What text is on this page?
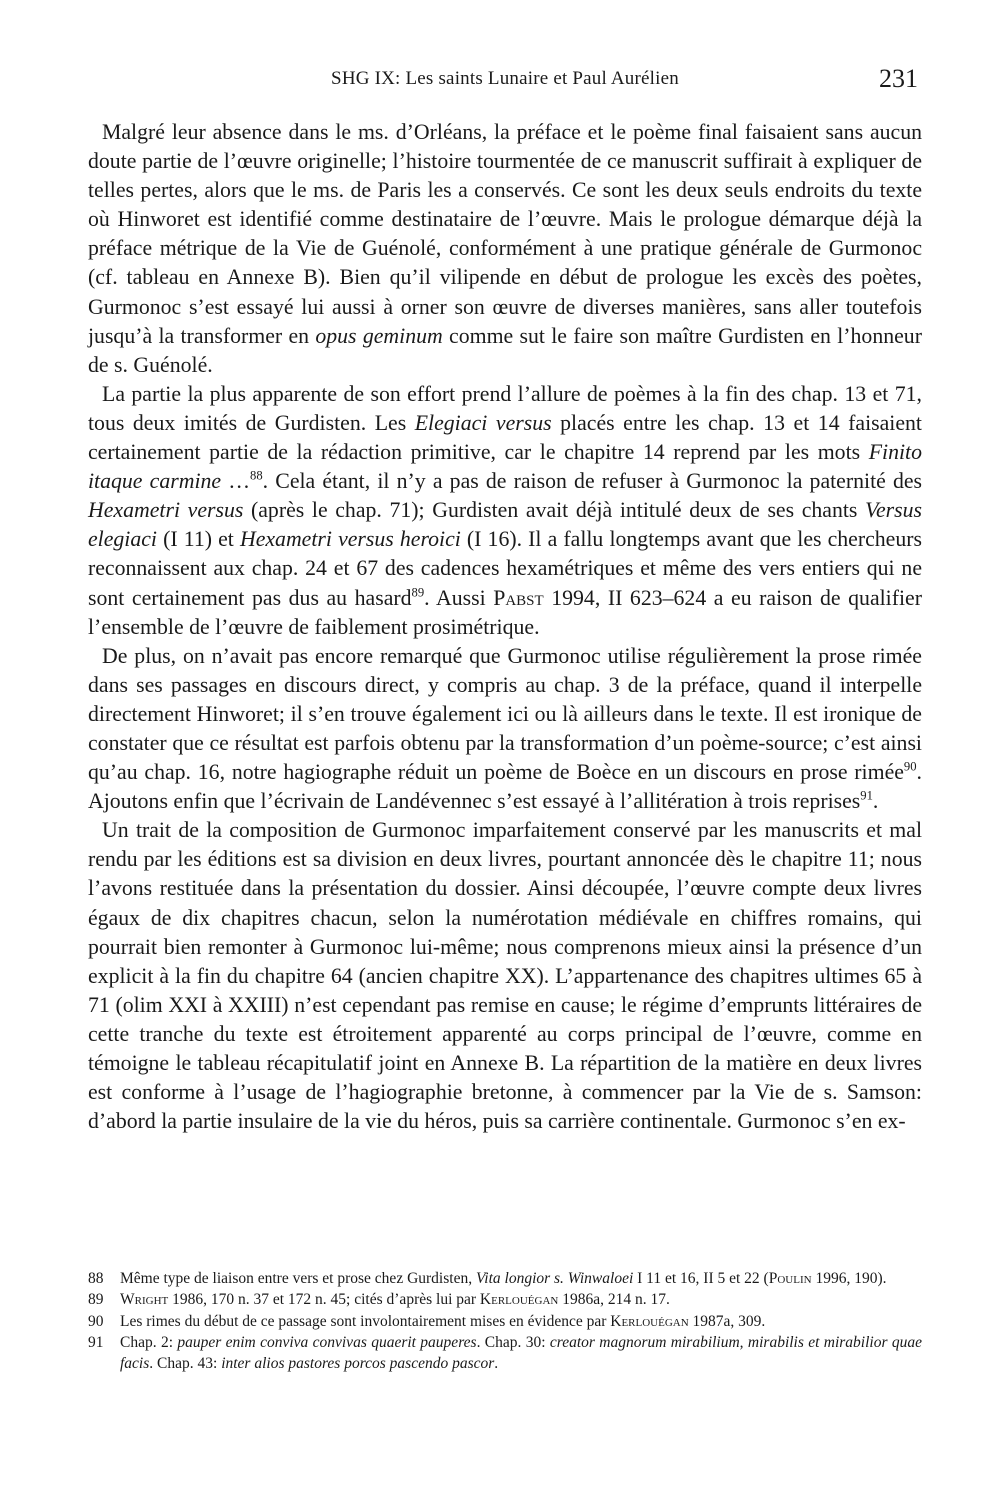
SHG IX: Les saints Lunaire et Paul Aurélien	231

Malgré leur absence dans le ms. d’Orléans, la préface et le poème final faisaient sans aucun doute partie de l’œuvre originelle; l’histoire tourmentée de ce manuscrit suffirait à expliquer de telles pertes, alors que le ms. de Paris les a conservés. Ce sont les deux seuls endroits du texte où Hinworet est identifié comme destinataire de l’œuvre. Mais le prologue démarque déjà la préface métrique de la Vie de Guénolé, conformément à une pratique générale de Gurmonoc (cf. tableau en Annexe B). Bien qu’il vilipende en début de prologue les excès des poètes, Gurmonoc s’est essayé lui aussi à orner son œuvre de diverses manières, sans aller toutefois jusqu’à la transformer en opus geminum comme sut le faire son maître Gurdisten en l’honneur de s. Guénolé.

La partie la plus apparente de son effort prend l’allure de poèmes à la fin des chap. 13 et 71, tous deux imités de Gurdisten. Les Elegiaci versus placés entre les chap. 13 et 14 faisaient certainement partie de la rédaction primitive, car le chapitre 14 reprend par les mots Finito itaque carmine …$^{88}$. Cela étant, il n’y a pas de raison de refuser à Gurmonoc la paternité des Hexametri versus (après le chap. 71); Gurdisten avait déjà intitulé deux de ses chants Versus elegiaci (I 11) et Hexametri versus heroici (I 16). Il a fallu longtemps avant que les chercheurs reconnaissent aux chap. 24 et 67 des cadences hexamétriques et même des vers entiers qui ne sont certainement pas dus au hasard$^{89}$. Aussi Pabst 1994, II 623–624 a eu raison de qualifier l’ensemble de l’œuvre de faiblement prosimétrique.

De plus, on n’avait pas encore remarqué que Gurmonoc utilise régulièrement la prose rimée dans ses passages en discours direct, y compris au chap. 3 de la préface, quand il interpelle directement Hinworet; il s’en trouve également ici ou là ailleurs dans le texte. Il est ironique de constater que ce résultat est parfois obtenu par la transformation d’un poème-source; c’est ainsi qu’au chap. 16, notre hagiographe réduit un poème de Boèce en un discours en prose rimée$^{90}$. Ajoutons enfin que l’écrivain de Landévennec s’est essayé à l’allitération à trois reprises$^{91}$.

Un trait de la composition de Gurmonoc imparfaitement conservé par les manuscrits et mal rendu par les éditions est sa division en deux livres, pourtant annoncée dès le chapitre 11; nous l’avons restituée dans la présentation du dossier. Ainsi découpée, l’œuvre compte deux livres égaux de dix chapitres chacun, selon la numérotation médiévale en chiffres romains, qui pourrait bien remonter à Gurmonoc lui-même; nous comprenons mieux ainsi la présence d’un explicit à la fin du chapitre 64 (ancien chapitre XX). L’appartenance des chapitres ultimes 65 à 71 (olim XXI à XXIII) n’est cependant pas remise en cause; le régime d’emprunts littéraires de cette tranche du texte est étroitement apparenté au corps principal de l’œuvre, comme en témoigne le tableau récapitulatif joint en Annexe B. La répartition de la matière en deux livres est conforme à l’usage de l’hagiographie bretonne, à commencer par la Vie de s. Samson: d’abord la partie insulaire de la vie du héros, puis sa carrière continentale. Gurmonoc s’en ex-

88 Même type de liaison entre vers et prose chez Gurdisten, Vita longior s. Winwaloei I 11 et 16, II 5 et 22 (Poulin 1996, 190).
89 Wright 1986, 170 n. 37 et 172 n. 45; cités d’après lui par Kerlouégan 1986a, 214 n. 17.
90 Les rimes du début de ce passage sont involontairement mises en évidence par Kerlouégan 1987a, 309.
91 Chap. 2: pauper enim conviva convivas quaerit pauperes. Chap. 30: creator magnorum mirabilium, mirabilis et mirabilior quae facis. Chap. 43: inter alios pastores porcos pascendo pascor.
